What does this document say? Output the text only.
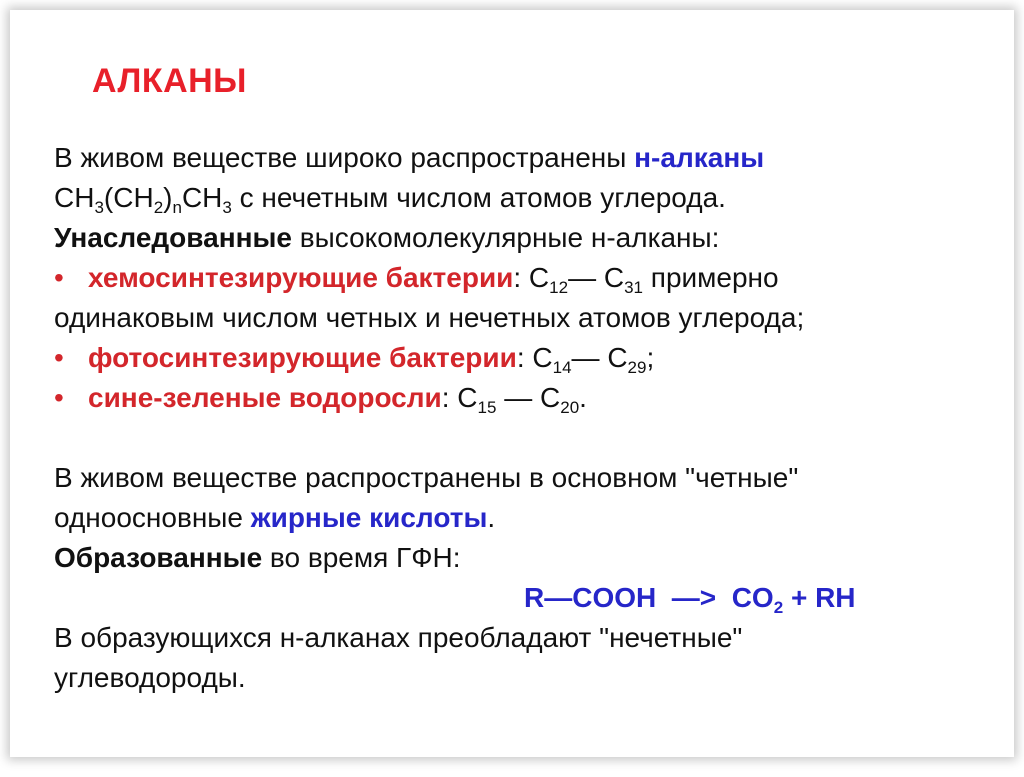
АЛКАНЫ
В живом веществе широко распространены н-алканы
$CH_3(CH_2)_nCH_3$ с нечетным числом атомов углерода.
Унаследованные высокомолекулярные н-алканы:
• хемосинтезирующие бактерии: $C_{12}—$ $C_{31}$ примерно
одинаковым числом четных и нечетных атомов углерода;
• фотосинтезирующие бактерии: $C_{14}—$ $C_{29}$;
• сине-зеленые водоросли: $C_{15}$ — $C_{20}$.
В живом веществе распространены в основном "четные"
одноосновные жирные кислоты.
Образованные во время ГФН:
R—COOH  —>  $CO_2$ + RH
В образующихся н-алканах преобладают "нечетные"
углеводороды.
